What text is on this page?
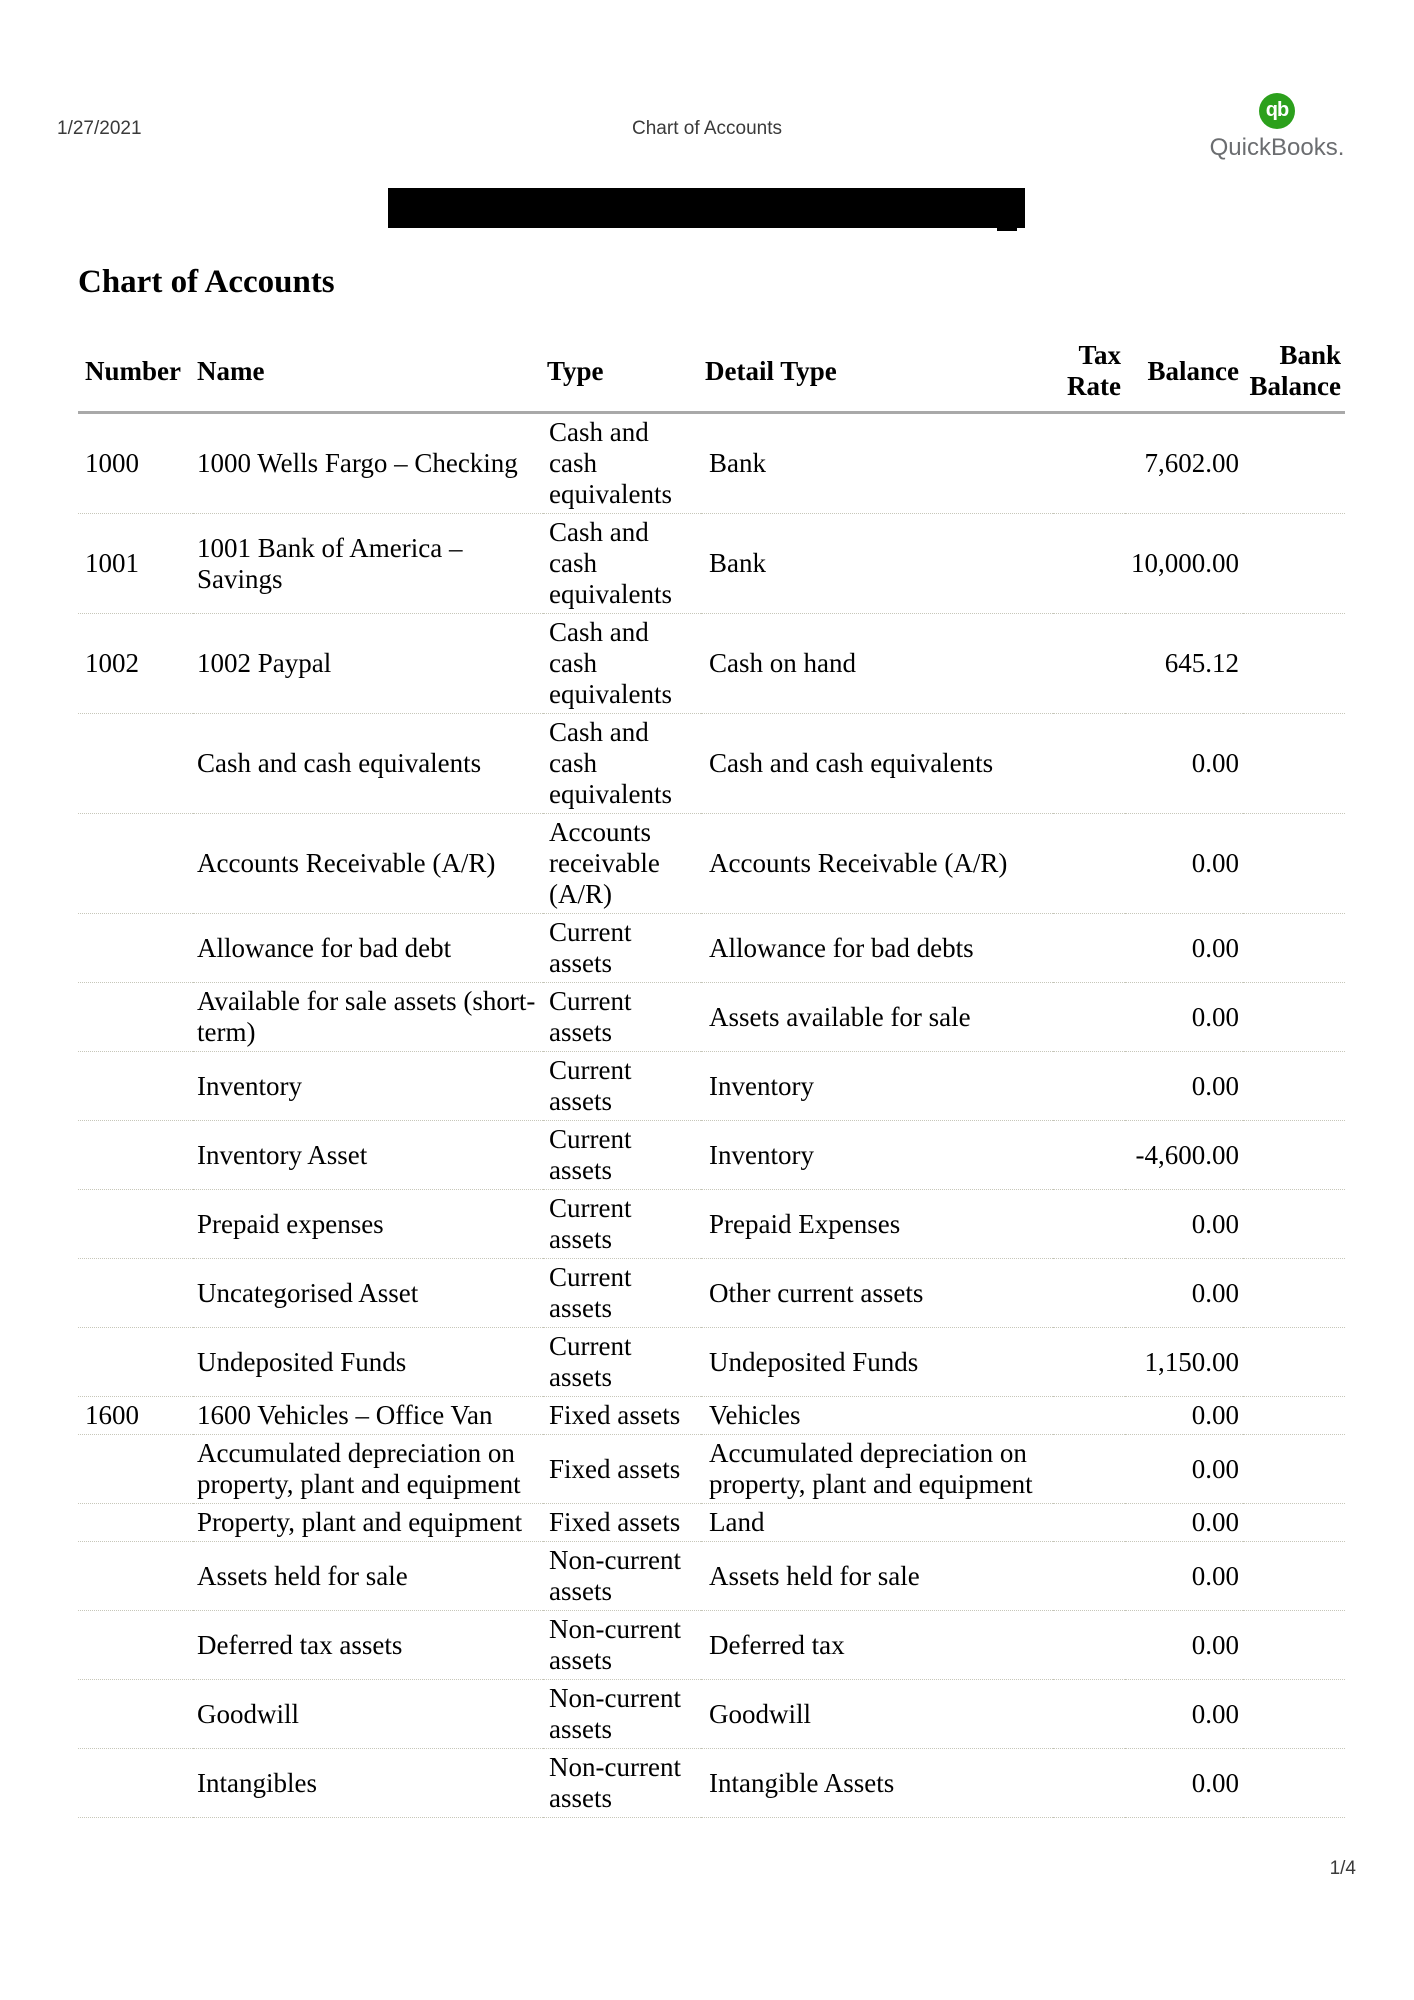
1/27/2021	Chart of Accounts
qb
QuickBooks.
Chart of Accounts
Number	Name	Type	Detail Type	Tax Rate	Balance	Bank Balance
1000	1000 Wells Fargo – Checking	Cash and cash equivalents	Bank		7,602.00	
1001	1001 Bank of America – Savings	Cash and cash equivalents	Bank		10,000.00	
1002	1002 Paypal	Cash and cash equivalents	Cash on hand		645.12	
	Cash and cash equivalents	Cash and cash equivalents	Cash and cash equivalents		0.00	
	Accounts Receivable (A/R)	Accounts receivable (A/R)	Accounts Receivable (A/R)		0.00	
	Allowance for bad debt	Current assets	Allowance for bad debts		0.00	
	Available for sale assets (short-term)	Current assets	Assets available for sale		0.00	
	Inventory	Current assets	Inventory		0.00	
	Inventory Asset	Current assets	Inventory		-4,600.00	
	Prepaid expenses	Current assets	Prepaid Expenses		0.00	
	Uncategorised Asset	Current assets	Other current assets		0.00	
	Undeposited Funds	Current assets	Undeposited Funds		1,150.00	
1600	1600 Vehicles – Office Van	Fixed assets	Vehicles		0.00	
	Accumulated depreciation on property, plant and equipment	Fixed assets	Accumulated depreciation on property, plant and equipment		0.00	
	Property, plant and equipment	Fixed assets	Land		0.00	
	Assets held for sale	Non-current assets	Assets held for sale		0.00	
	Deferred tax assets	Non-current assets	Deferred tax		0.00	
	Goodwill	Non-current assets	Goodwill		0.00	
	Intangibles	Non-current assets	Intangible Assets		0.00	
1/4
